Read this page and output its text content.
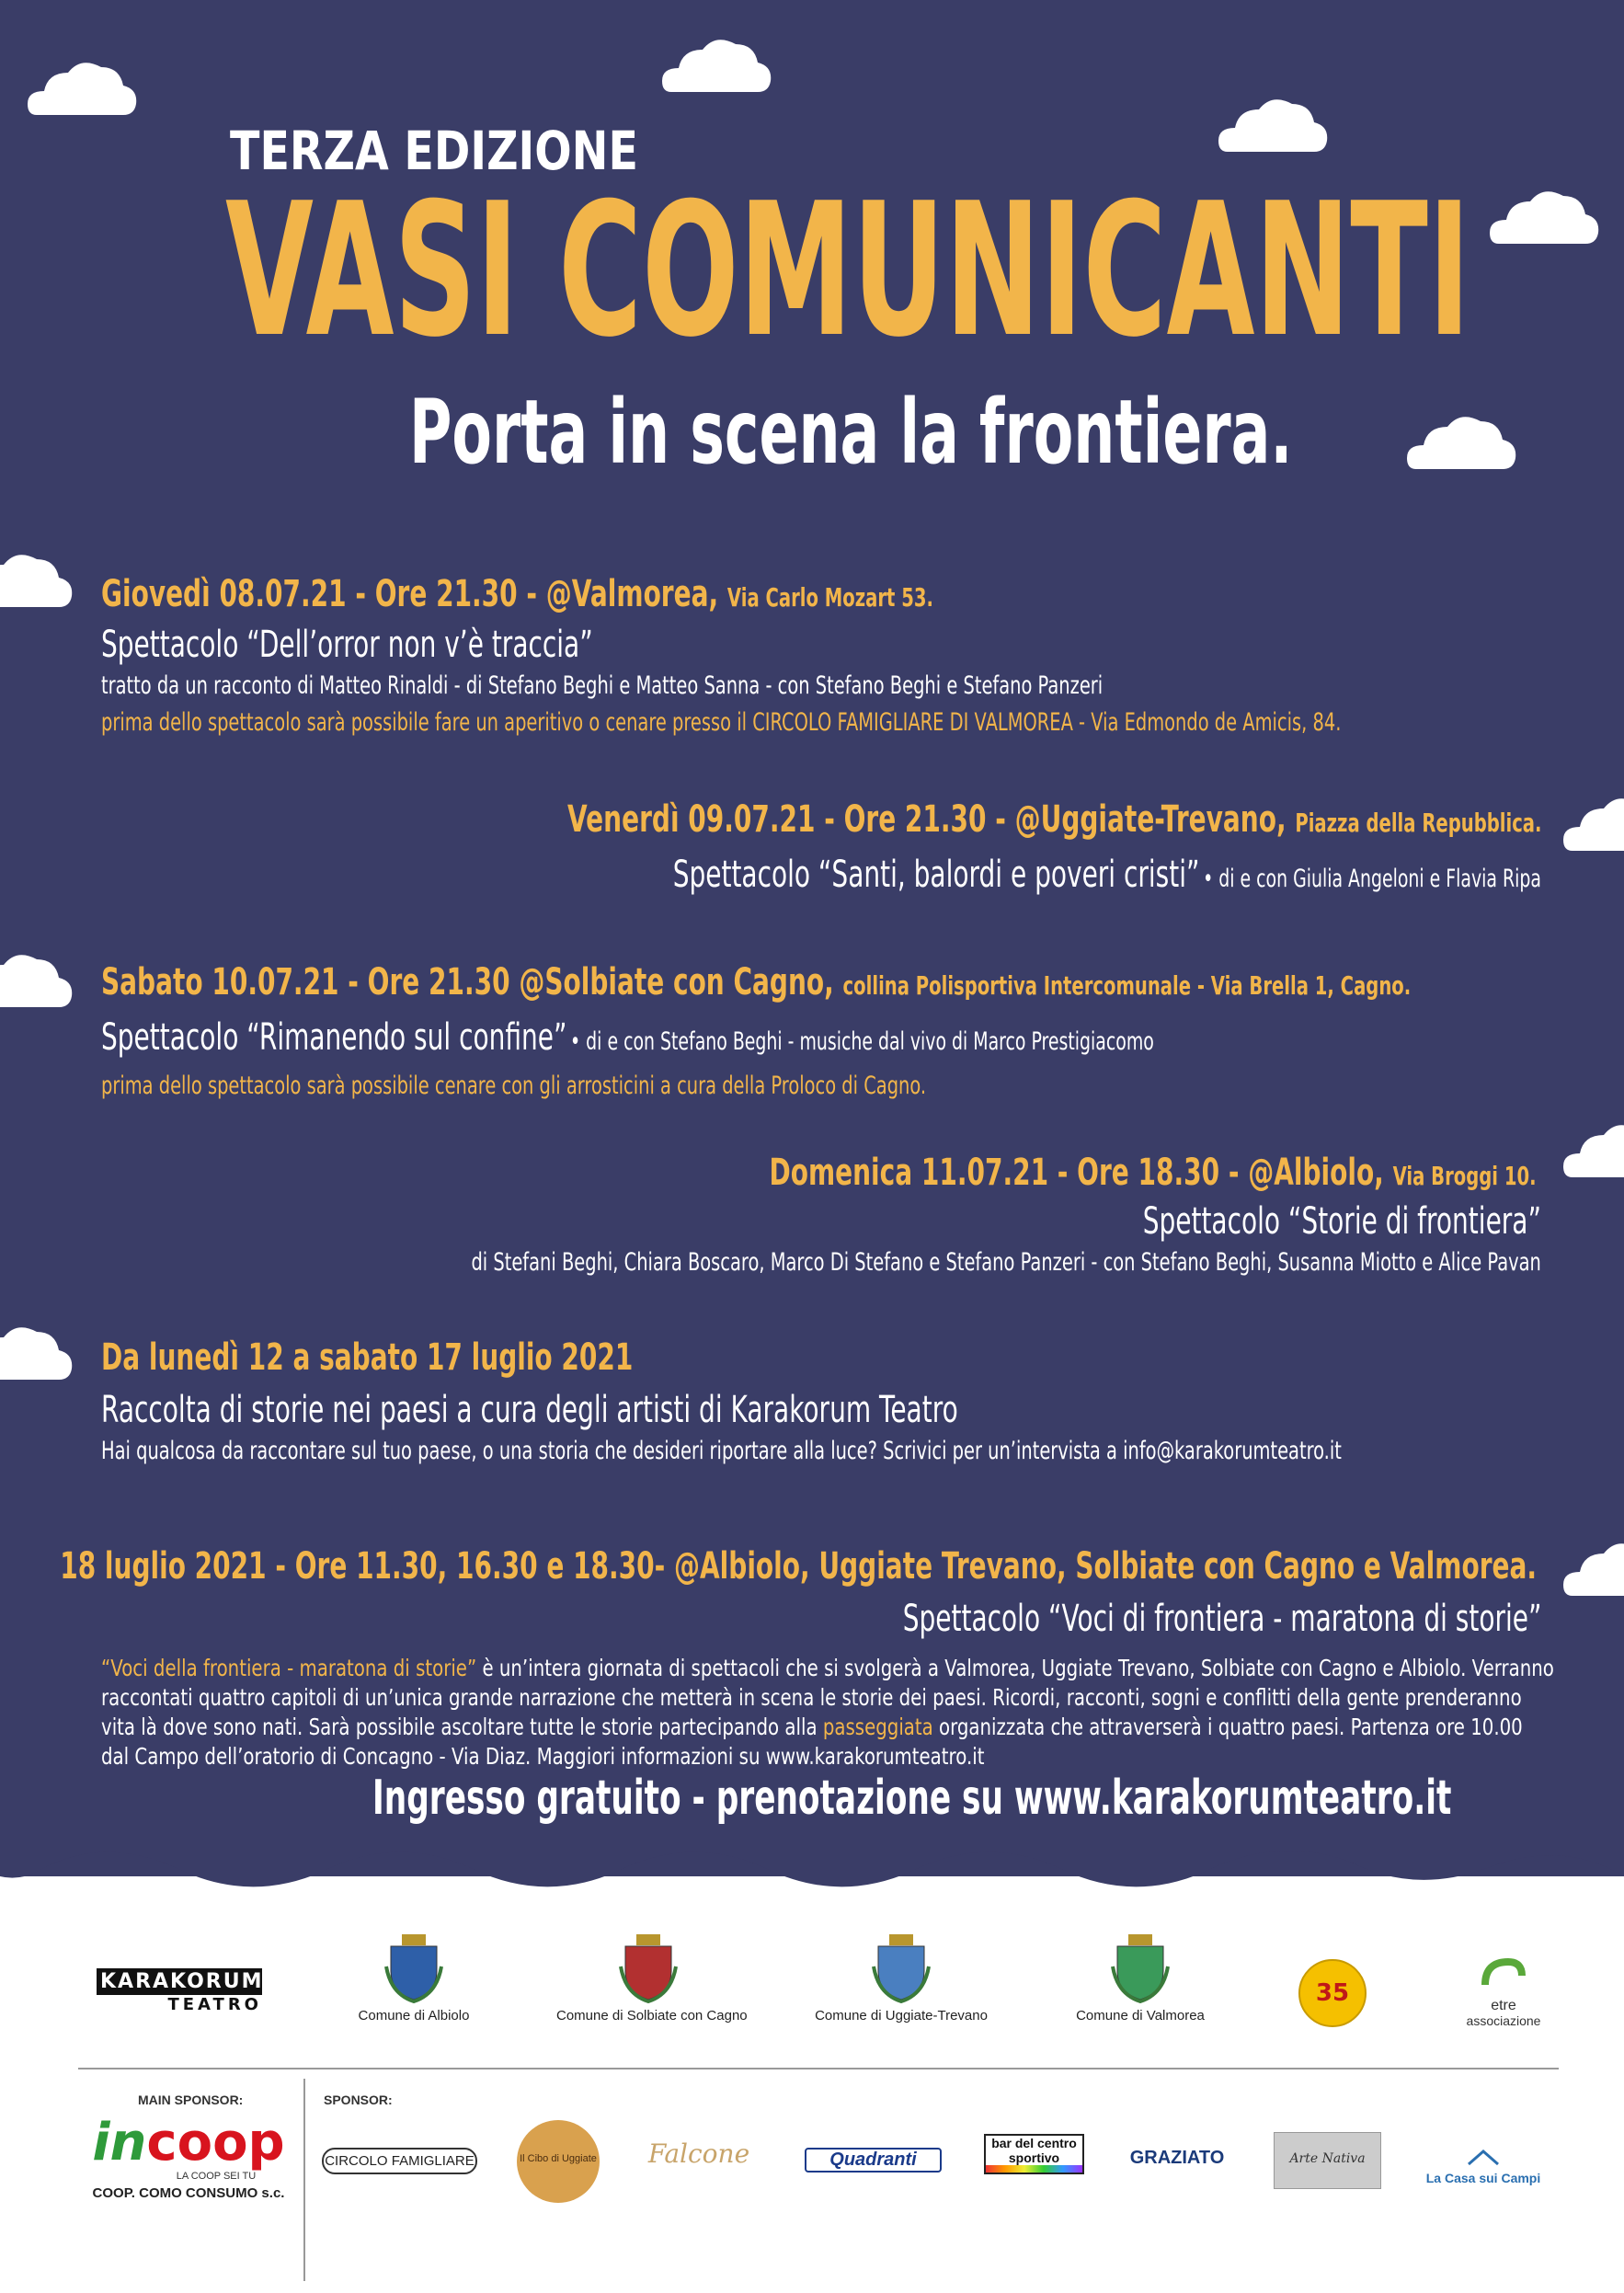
TERZA EDIZIONE
VASI COMUNICANTI
Porta in scena la frontiera.
Giovedì 08.07.21 - Ore 21.30 - @Valmorea, Via Carlo Mozart 53.
Spettacolo “Dell’orror non v’è traccia”
tratto da un racconto di Matteo Rinaldi - di Stefano Beghi e Matteo Sanna - con Stefano Beghi e Stefano Panzeri
prima dello spettacolo sarà possibile fare un aperitivo o cenare presso il CIRCOLO FAMIGLIARE DI VALMOREA - Via Edmondo de Amicis, 84.
Venerdì 09.07.21 - Ore 21.30 - @Uggiate-Trevano, Piazza della Repubblica.
Spettacolo “Santi, balordi e poveri cristi” • di e con Giulia Angeloni e Flavia Ripa
Sabato 10.07.21 - Ore 21.30 @Solbiate con Cagno, collina Polisportiva Intercomunale - Via Brella 1, Cagno.
Spettacolo “Rimanendo sul confine” • di e con Stefano Beghi - musiche dal vivo di Marco Prestigiacomo
prima dello spettacolo sarà possibile cenare con gli arrosticini a cura della Proloco di Cagno.
Domenica 11.07.21 - Ore 18.30 - @Albiolo, Via Broggi 10.
Spettacolo “Storie di frontiera”
di Stefani Beghi, Chiara Boscaro, Marco Di Stefano e Stefano Panzeri - con Stefano Beghi, Susanna Miotto e Alice Pavan
Da lunedì 12 a sabato 17 luglio 2021
Raccolta di storie nei paesi a cura degli artisti di Karakorum Teatro
Hai qualcosa da raccontare sul tuo paese, o una storia che desideri riportare alla luce? Scrivici per un’intervista a info@karakorumteatro.it
18 luglio 2021 - Ore 11.30, 16.30 e 18.30- @Albiolo, Uggiate Trevano, Solbiate con Cagno e Valmorea.
Spettacolo “Voci di frontiera - maratona di storie”
“Voci della frontiera - maratona di storie” è un’intera giornata di spettacoli che si svolgerà a Valmorea, Uggiate Trevano, Solbiate con Cagno e Albiolo. Verranno raccontati quattro capitoli di un’unica grande narrazione che metterà in scena le storie dei paesi. Ricordi, racconti, sogni e conflitti della gente prenderanno vita là dove sono nati. Sarà possibile ascoltare tutte le storie partecipando alla passeggiata organizzata che attraverserà i quattro paesi. Partenza ore 10.00 dal Campo dell’oratorio di Concagno - Via Diaz. Maggiori informazioni su www.karakorumteatro.it
Ingresso gratuito - prenotazione su www.karakorumteatro.it
KARAKORUM
TEATRO
Comune di Albiolo	Comune di Solbiate con Cagno	Comune di Uggiate-Trevano	Comune di Valmorea
35	etre
associazione
MAIN SPONSOR:	SPONSOR:
incoop
LA COOP SEI TU
COOP. COMO CONSUMO s.c.
CIRCOLO FAMIGLIARE	Il Cibo di Uggiate	Falcone	Quadranti
bar del centro sportivo	GRAZIATO	Arte Nativa
La Casa sui Campi
